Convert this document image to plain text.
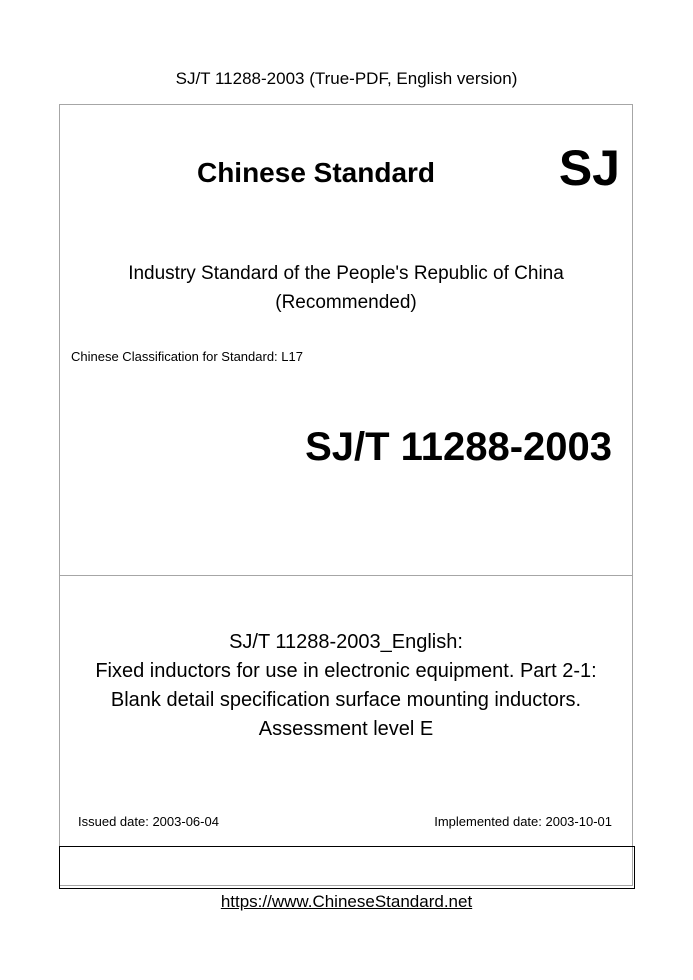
SJ/T 11288-2003 (True-PDF, English version)
Chinese Standard	SJ
Industry Standard of the People's Republic of China
(Recommended)
Chinese Classification for Standard: L17
SJ/T 11288-2003
SJ/T 11288-2003_English:
Fixed inductors for use in electronic equipment. Part 2-1:
Blank detail specification surface mounting inductors.
Assessment level E
Issued date: 2003-06-04	Implemented date: 2003-10-01
https://www.ChineseStandard.net
